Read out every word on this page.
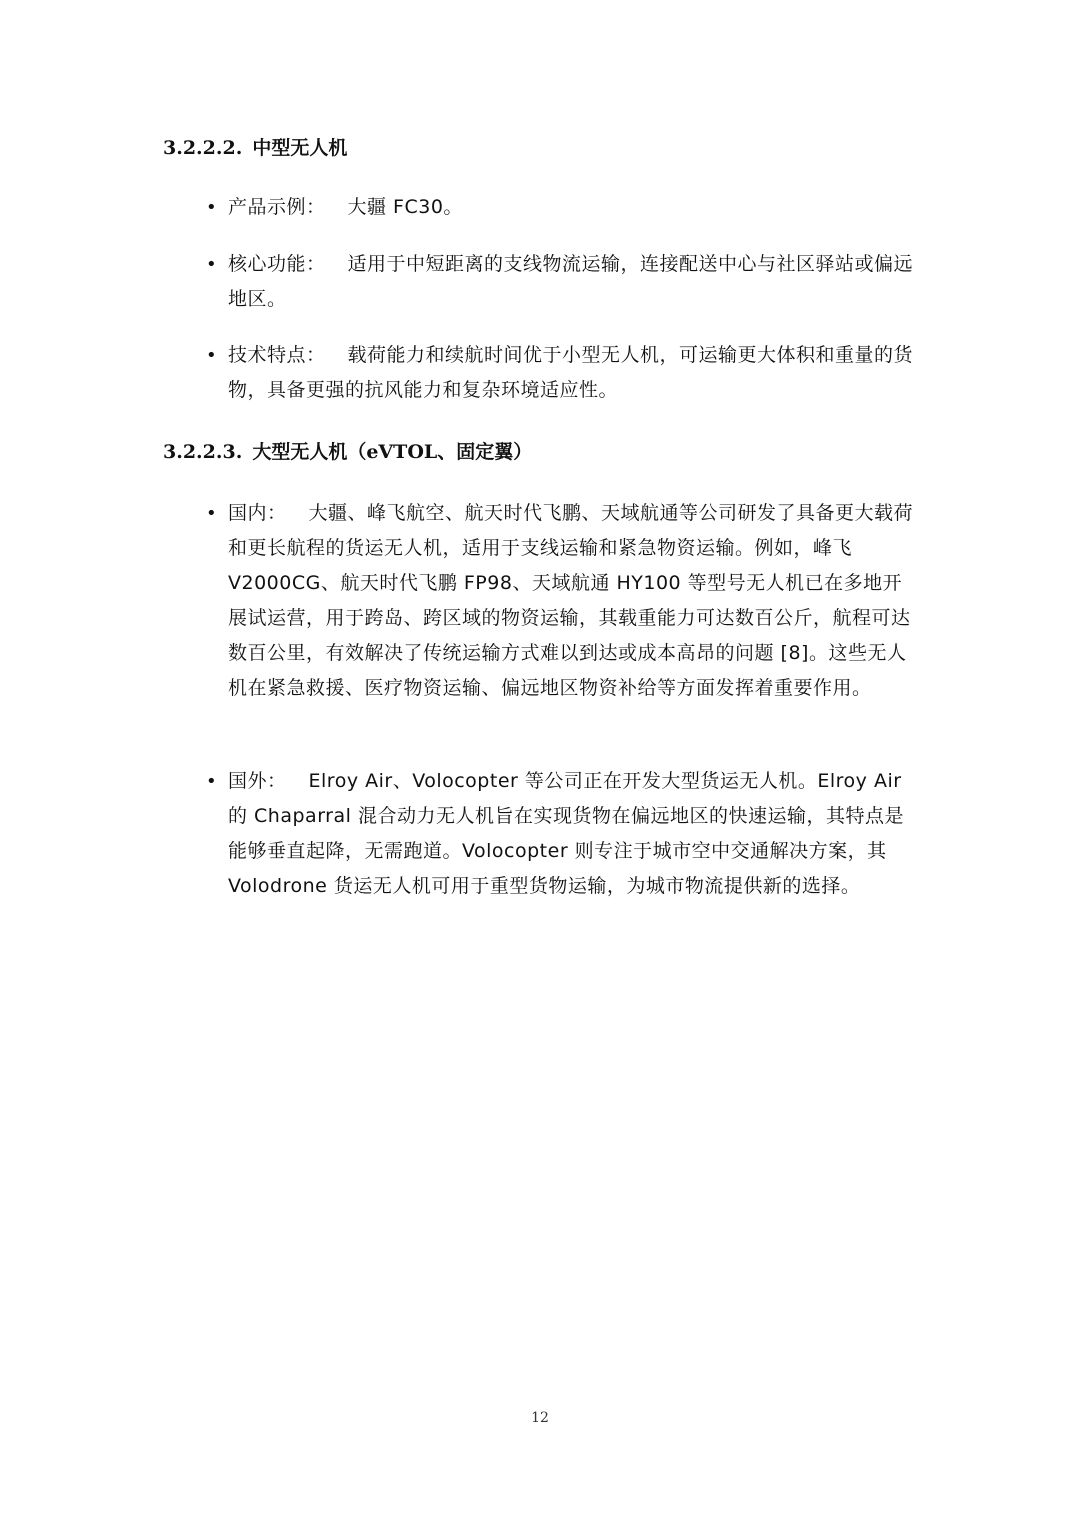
3.2.2.2. 中型无人机
• 产品示例： 大疆 FC30。
• 核心功能： 适用于中短距离的支线物流运输，连接配送中心与社区驿站或偏远地区。
• 技术特点： 载荷能力和续航时间优于小型无人机，可运输更大体积和重量的货物，具备更强的抗风能力和复杂环境适应性。
3.2.2.3. 大型无人机（eVTOL、固定翼）
• 国内： 大疆、峰飞航空、航天时代飞鹏、天域航通等公司研发了具备更大载荷和更长航程的货运无人机，适用于支线运输和紧急物资运输。例如，峰飞 V2000CG、航天时代飞鹏 FP98、天域航通 HY100 等型号无人机已在多地开展试运营，用于跨岛、跨区域的物资运输，其载重能力可达数百公斤，航程可达数百公里，有效解决了传统运输方式难以到达或成本高昂的问题 [8]。这些无人机在紧急救援、医疗物资运输、偏远地区物资补给等方面发挥着重要作用。
• 国外： Elroy Air、Volocopter 等公司正在开发大型货运无人机。Elroy Air 的 Chaparral 混合动力无人机旨在实现货物在偏远地区的快速运输，其特点是能够垂直起降，无需跑道。Volocopter 则专注于城市空中交通解决方案，其 Volodrone 货运无人机可用于重型货物运输，为城市物流提供新的选择。
12
